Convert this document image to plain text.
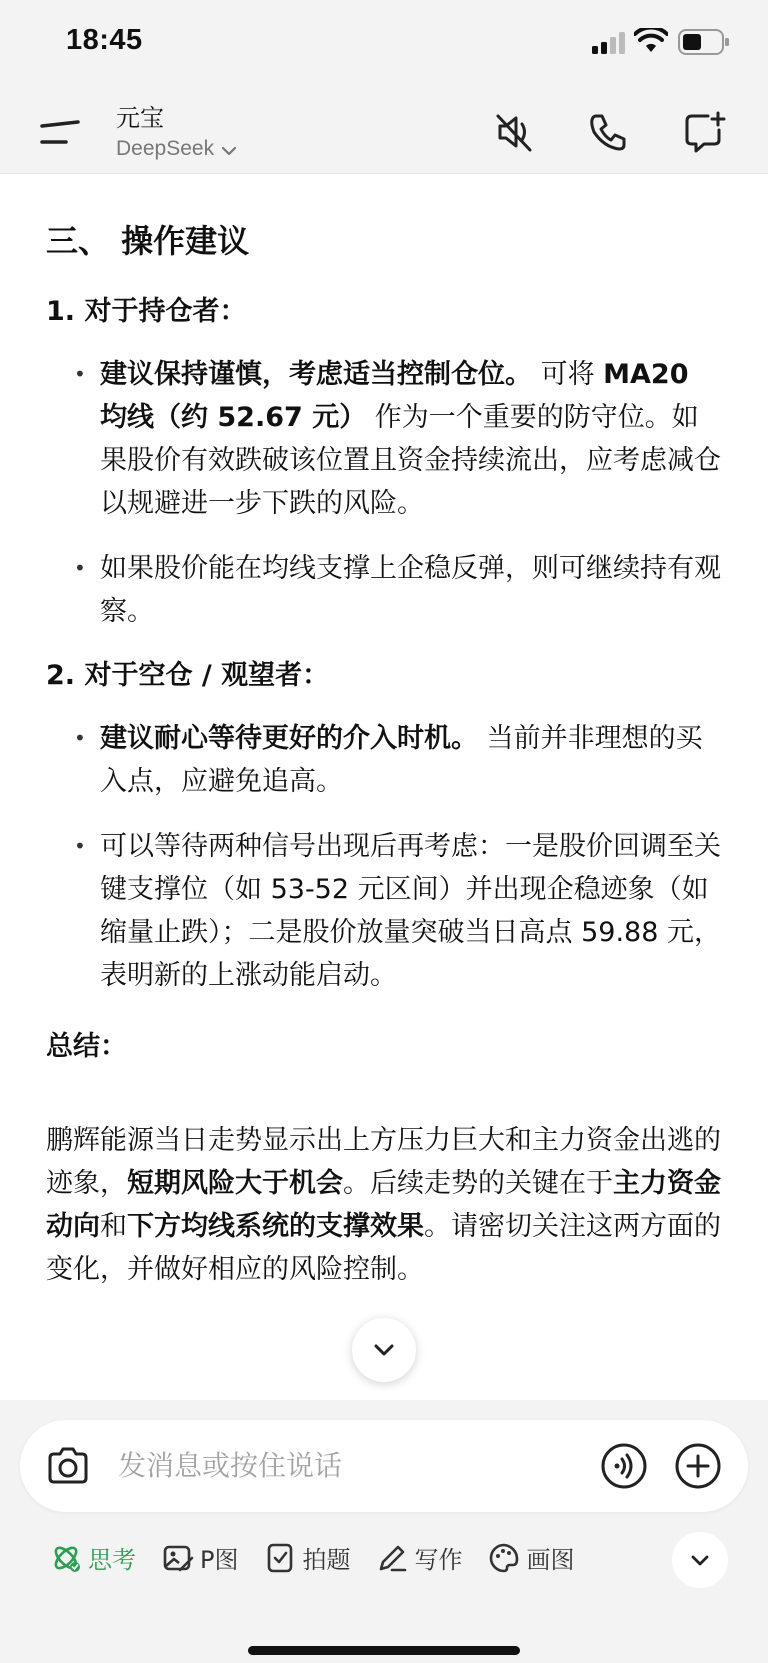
18:45
元宝
DeepSeek
三、 操作建议
1. 对于持仓者：
• 建议保持谨慎，考虑适当控制仓位。 可将 MA20 均线（约 52.67 元） 作为一个重要的防守位。如果股价有效跌破该位置且资金持续流出，应考虑减仓以规避进一步下跌的风险。
• 如果股价能在均线支撑上企稳反弹，则可继续持有观察。
2. 对于空仓 / 观望者：
• 建议耐心等待更好的介入时机。 当前并非理想的买入点，应避免追高。
• 可以等待两种信号出现后再考虑：一是股价回调至关键支撑位（如 53-52 元区间）并出现企稳迹象（如缩量止跌）；二是股价放量突破当日高点 59.88 元，表明新的上涨动能启动。
总结：
鹏辉能源当日走势显示出上方压力巨大和主力资金出逃的迹象，短期风险大于机会。后续走势的关键在于主力资金动向和下方均线系统的支撑效果。请密切关注这两方面的变化，并做好相应的风险控制。
发消息或按住说话
思考	P图	拍题	写作	画图
